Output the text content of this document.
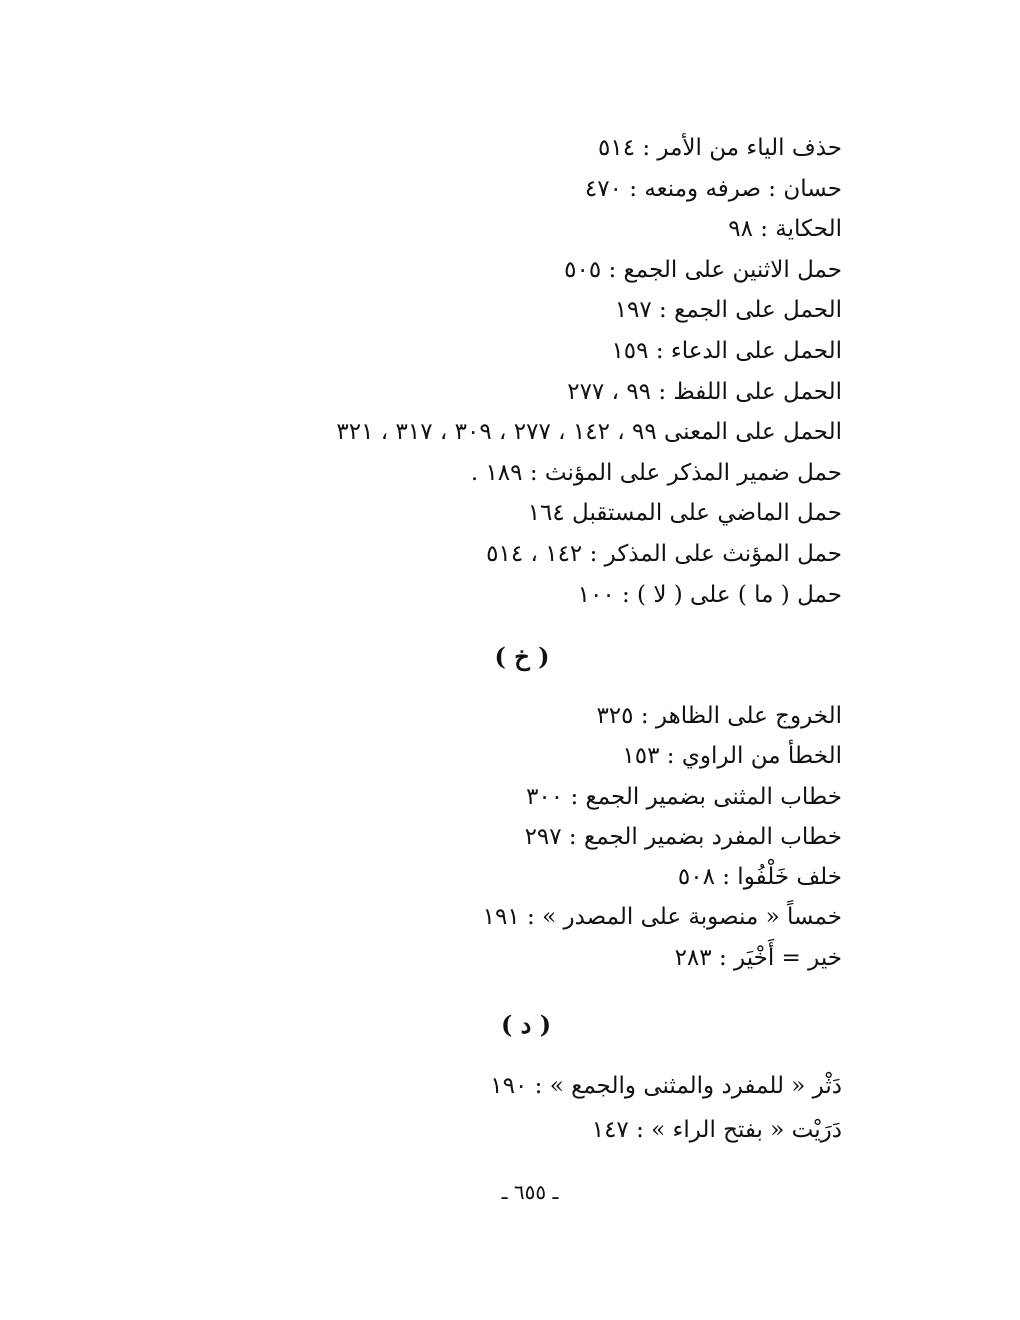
حذف الياء من الأمر : ٥١٤
حسان : صرفه ومنعه : ٤٧٠
الحكاية : ٩٨
حمل الاثنين على الجمع : ٥٠٥
الحمل على الجمع : ١٩٧
الحمل على الدعاء : ١٥٩
الحمل على اللفظ : ٩٩ ، ٢٧٧
الحمل على المعنى ٩٩ ، ١٤٢ ، ٢٧٧ ، ٣٠٩ ، ٣١٧ ، ٣٢١
حمل ضمير المذكر على المؤنث : ١٨٩ .
حمل الماضي على المستقبل ١٦٤
حمل المؤنث على المذكر : ١٤٢ ، ٥١٤
حمل ( ما ) على ( لا ) : ١٠٠
( خ )
الخروج على الظاهر : ٣٢٥
الخطأ من الراوي : ١٥٣
خطاب المثنى بضمير الجمع : ٣٠٠
خطاب المفرد بضمير الجمع : ٢٩٧
خلف خَلْفُوا : ٥٠٨
خمساً « منصوبة على المصدر » : ١٩١
خير = أَخْيَر : ٢٨٣
( د )
دَثْر « للمفرد والمثنى والجمع » : ١٩٠
دَرَيْت « بفتح الراء » : ١٤٧
ـ ٦٥٥ ـ
